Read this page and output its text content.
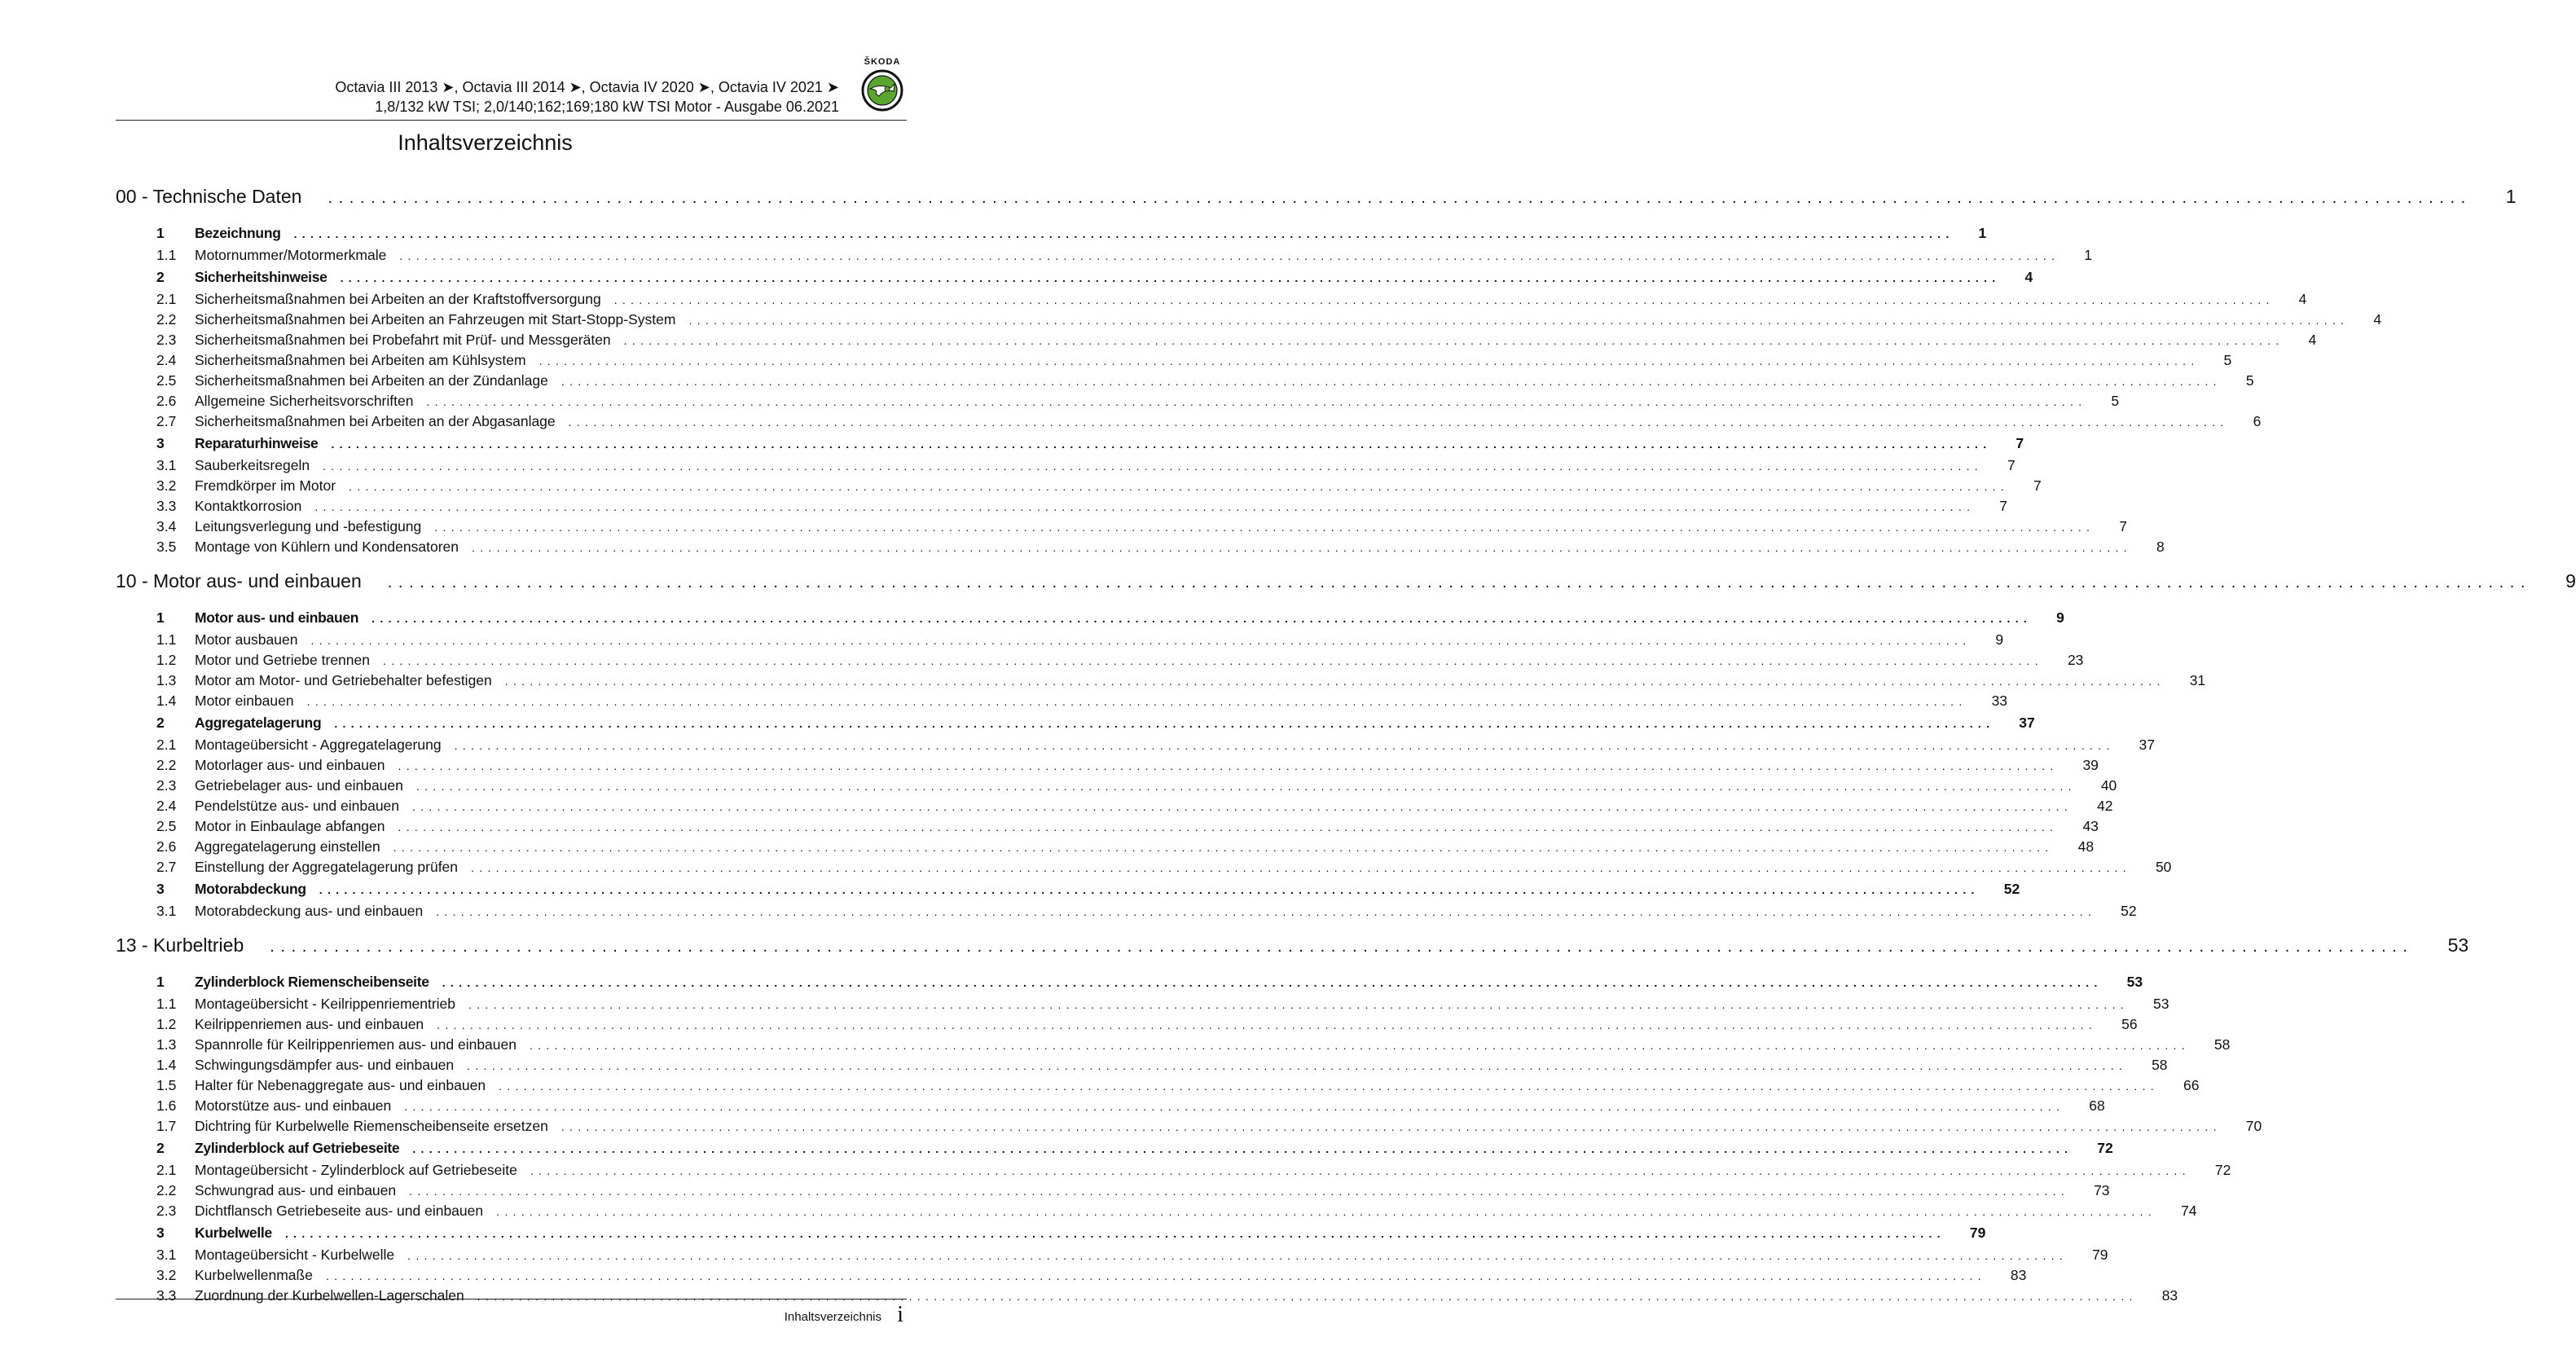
Octavia III 2013 ➤, Octavia III 2014 ➤, Octavia IV 2020 ➤, Octavia IV 2021 ➤
1,8/132 kW TSI; 2,0/140;162;169;180 kW TSI Motor - Ausgabe 06.2021
ŠKODA
Inhaltsverzeichnis
00 - Technische Daten ........................................................................................................................................................................................................ 1
1	Bezeichnung ........................................................................................................................................................................................................ 1
1.1	Motornummer/Motormerkmale ........................................................................................................................................................................................................ 1
2	Sicherheitshinweise ........................................................................................................................................................................................................ 4
2.1	Sicherheitsmaßnahmen bei Arbeiten an der Kraftstoffversorgung ........................................................................................................................................................................................................ 4
2.2	Sicherheitsmaßnahmen bei Arbeiten an Fahrzeugen mit Start-Stopp-System ........................................................................................................................................................................................................ 4
2.3	Sicherheitsmaßnahmen bei Probefahrt mit Prüf- und Messgeräten ........................................................................................................................................................................................................ 4
2.4	Sicherheitsmaßnahmen bei Arbeiten am Kühlsystem ........................................................................................................................................................................................................ 5
2.5	Sicherheitsmaßnahmen bei Arbeiten an der Zündanlage ........................................................................................................................................................................................................ 5
2.6	Allgemeine Sicherheitsvorschriften ........................................................................................................................................................................................................ 5
2.7	Sicherheitsmaßnahmen bei Arbeiten an der Abgasanlage ........................................................................................................................................................................................................ 6
3	Reparaturhinweise ........................................................................................................................................................................................................ 7
3.1	Sauberkeitsregeln ........................................................................................................................................................................................................ 7
3.2	Fremdkörper im Motor ........................................................................................................................................................................................................ 7
3.3	Kontaktkorrosion ........................................................................................................................................................................................................ 7
3.4	Leitungsverlegung und -befestigung ........................................................................................................................................................................................................ 7
3.5	Montage von Kühlern und Kondensatoren ........................................................................................................................................................................................................ 8
10 - Motor aus- und einbauen ........................................................................................................................................................................................................ 9
1	Motor aus- und einbauen ........................................................................................................................................................................................................ 9
1.1	Motor ausbauen ........................................................................................................................................................................................................ 9
1.2	Motor und Getriebe trennen ........................................................................................................................................................................................................ 23
1.3	Motor am Motor- und Getriebehalter befestigen ........................................................................................................................................................................................................ 31
1.4	Motor einbauen ........................................................................................................................................................................................................ 33
2	Aggregatelagerung ........................................................................................................................................................................................................ 37
2.1	Montageübersicht - Aggregatelagerung ........................................................................................................................................................................................................ 37
2.2	Motorlager aus- und einbauen ........................................................................................................................................................................................................ 39
2.3	Getriebelager aus- und einbauen ........................................................................................................................................................................................................ 40
2.4	Pendelstütze aus- und einbauen ........................................................................................................................................................................................................ 42
2.5	Motor in Einbaulage abfangen ........................................................................................................................................................................................................ 43
2.6	Aggregatelagerung einstellen ........................................................................................................................................................................................................ 48
2.7	Einstellung der Aggregatelagerung prüfen ........................................................................................................................................................................................................ 50
3	Motorabdeckung ........................................................................................................................................................................................................ 52
3.1	Motorabdeckung aus- und einbauen ........................................................................................................................................................................................................ 52
13 - Kurbeltrieb ........................................................................................................................................................................................................ 53
1	Zylinderblock Riemenscheibenseite ........................................................................................................................................................................................................ 53
1.1	Montageübersicht - Keilrippenriementrieb ........................................................................................................................................................................................................ 53
1.2	Keilrippenriemen aus- und einbauen ........................................................................................................................................................................................................ 56
1.3	Spannrolle für Keilrippenriemen aus- und einbauen ........................................................................................................................................................................................................ 58
1.4	Schwingungsdämpfer aus- und einbauen ........................................................................................................................................................................................................ 58
1.5	Halter für Nebenaggregate aus- und einbauen ........................................................................................................................................................................................................ 66
1.6	Motorstütze aus- und einbauen ........................................................................................................................................................................................................ 68
1.7	Dichtring für Kurbelwelle Riemenscheibenseite ersetzen ........................................................................................................................................................................................................ 70
2	Zylinderblock auf Getriebeseite ........................................................................................................................................................................................................ 72
2.1	Montageübersicht - Zylinderblock auf Getriebeseite ........................................................................................................................................................................................................ 72
2.2	Schwungrad aus- und einbauen ........................................................................................................................................................................................................ 73
2.3	Dichtflansch Getriebeseite aus- und einbauen ........................................................................................................................................................................................................ 74
3	Kurbelwelle ........................................................................................................................................................................................................ 79
3.1	Montageübersicht - Kurbelwelle ........................................................................................................................................................................................................ 79
3.2	Kurbelwellenmaße ........................................................................................................................................................................................................ 83
3.3	Zuordnung der Kurbelwellen-Lagerschalen ........................................................................................................................................................................................................ 83
Inhaltsverzeichnis i
